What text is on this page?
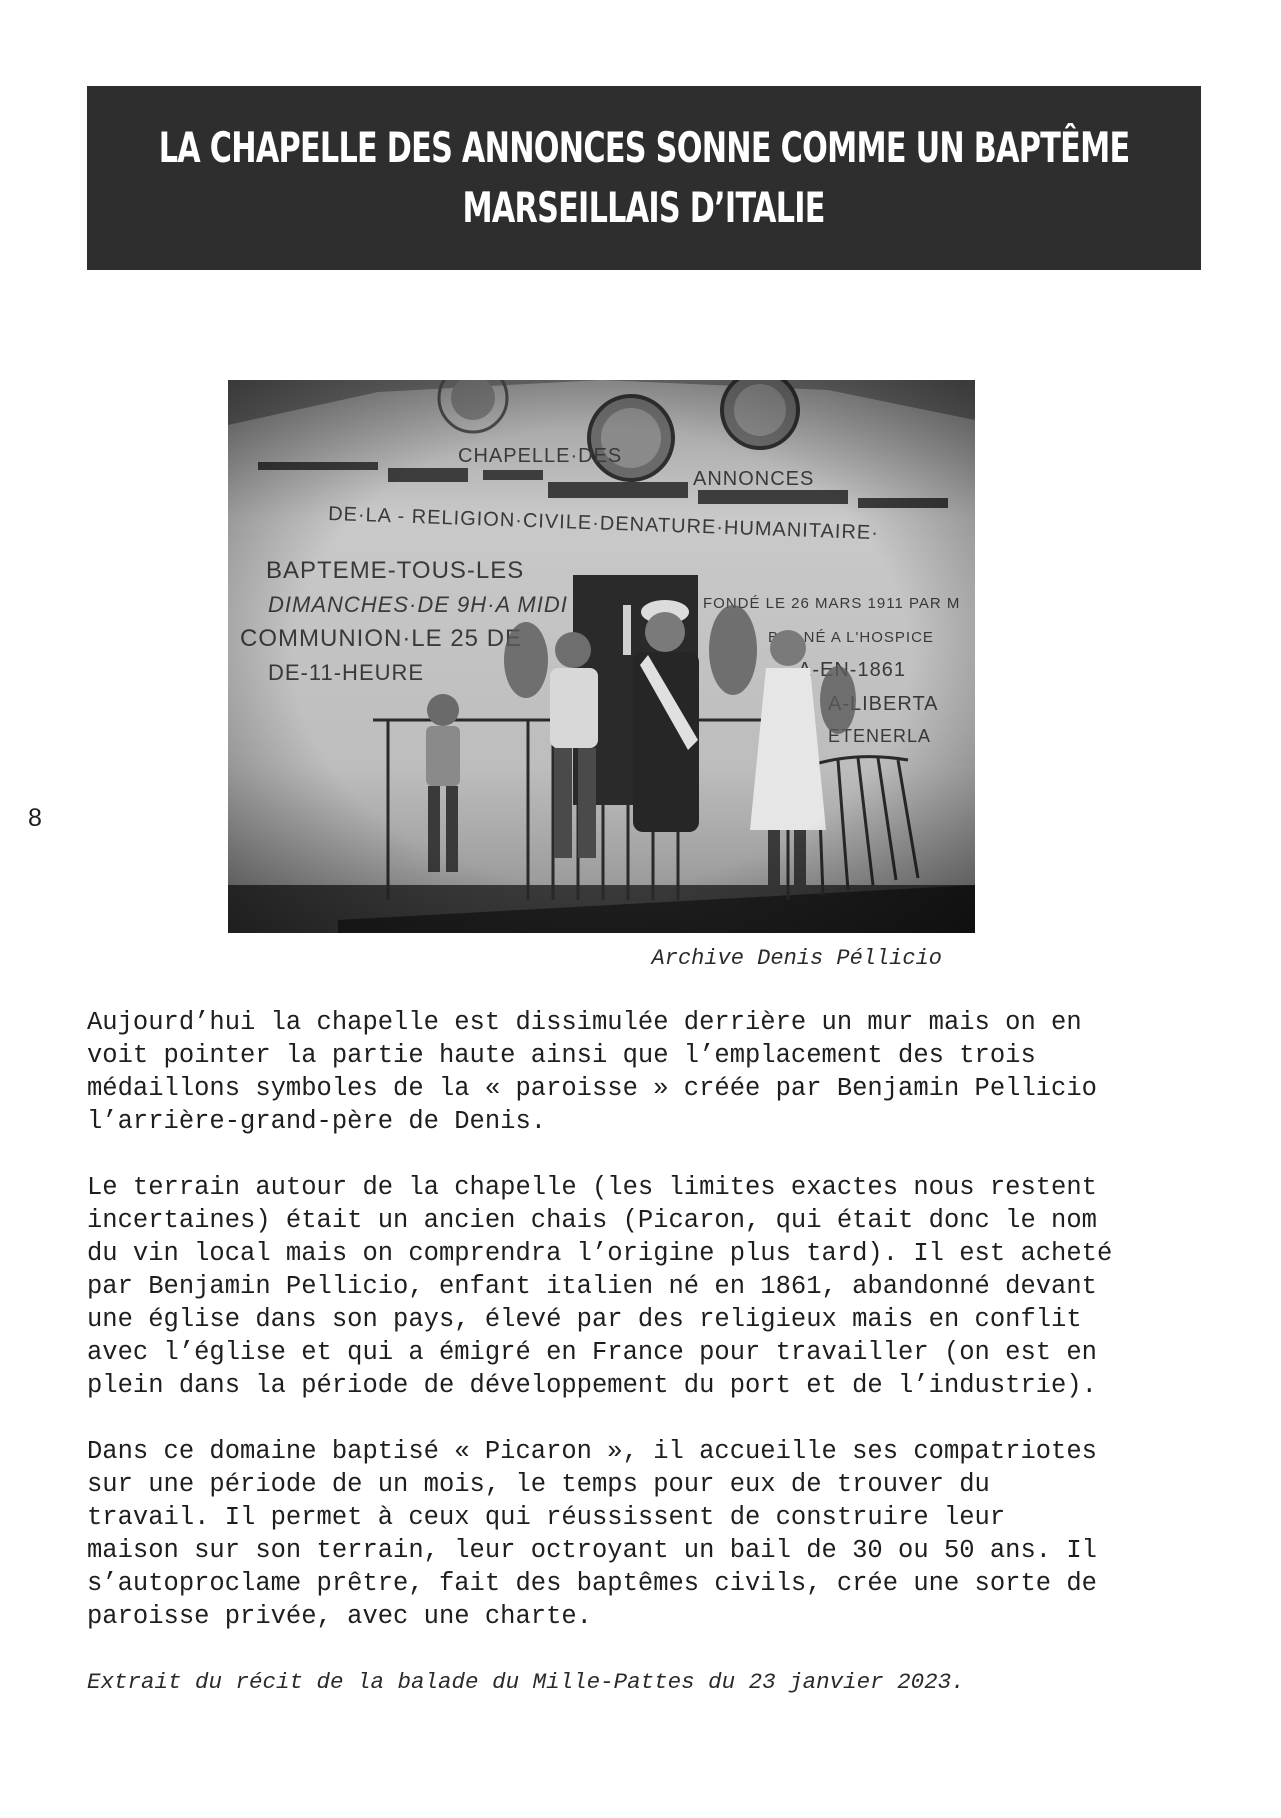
LA CHAPELLE DES ANNONCES SONNE COMME UN BAPTÊME
MARSEILLAIS D’ITALIE
Archive Denis Péllicio
8

Aujourd’hui la chapelle est dissimulée derrière un mur mais on en
voit pointer la partie haute ainsi que l’emplacement des trois
médaillons symboles de la « paroisse » créée par Benjamin Pellicio
l’arrière-grand-père de Denis.

Le terrain autour de la chapelle (les limites exactes nous restent
incertaines) était un ancien chais (Picaron, qui était donc le nom
du vin local mais on comprendra l’origine plus tard). Il est acheté
par Benjamin Pellicio, enfant italien né en 1861, abandonné devant
une église dans son pays, élevé par des religieux mais en conflit
avec l’église et qui a émigré en France pour travailler (on est en
plein dans la période de développement du port et de l’industrie).

Dans ce domaine baptisé « Picaron », il accueille ses compatriotes
sur une période de un mois, le temps pour eux de trouver du
travail. Il permet à ceux qui réussissent de construire leur
maison sur son terrain, leur octroyant un bail de 30 ou 50 ans. Il
s’autoproclame prêtre, fait des baptêmes civils, crée une sorte de
paroisse privée, avec une charte.

Extrait du récit de la balade du Mille-Pattes du 23 janvier 2023.
